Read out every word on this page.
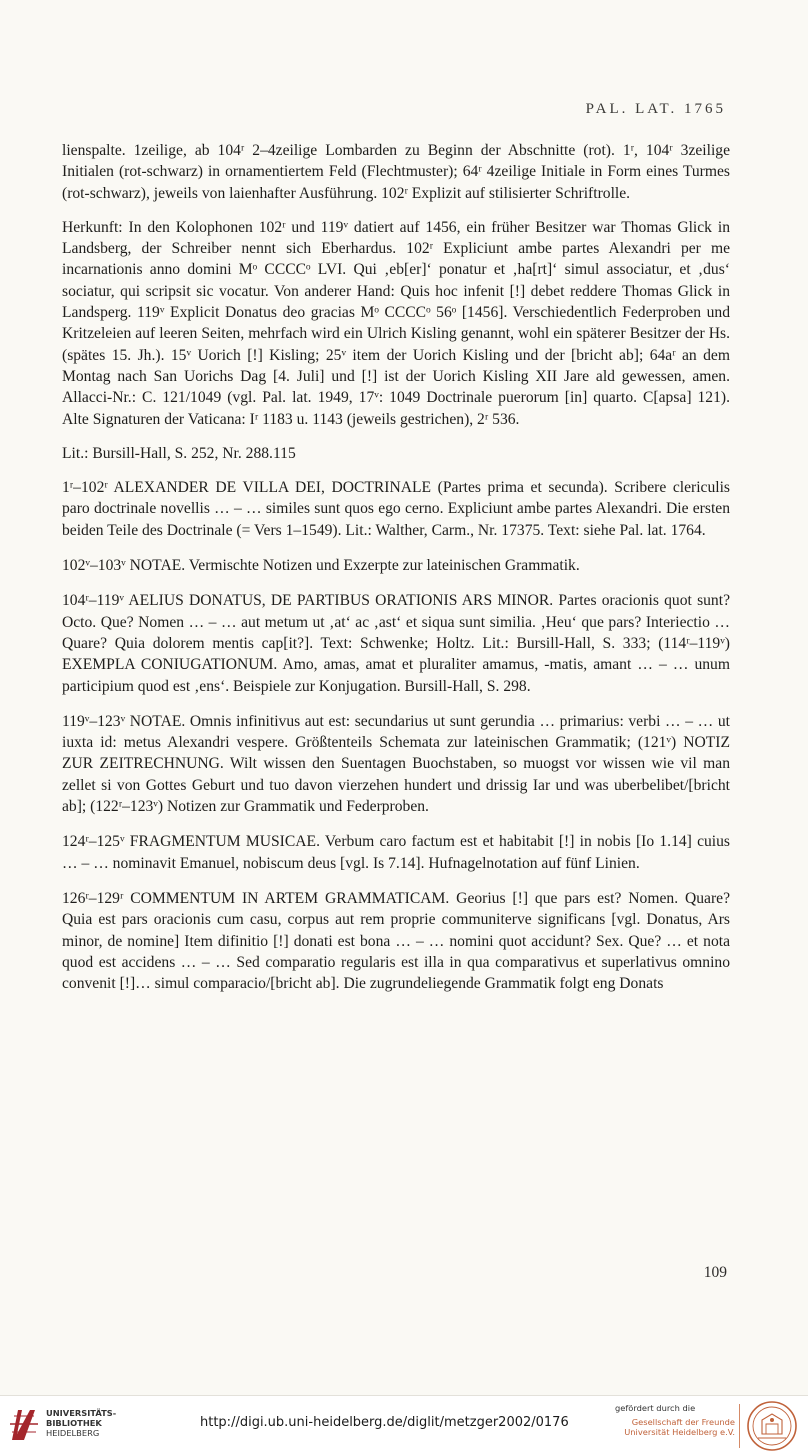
PAL. LAT. 1765

lienspalte. 1zeilige, ab 104ʳ 2–4zeilige Lombarden zu Beginn der Abschnitte (rot). 1ʳ, 104ʳ 3zeilige Initialen (rot-schwarz) in ornamentiertem Feld (Flechtmuster); 64ʳ 4zeilige Initiale in Form eines Turmes (rot-schwarz), jeweils von laienhafter Ausführung. 102ʳ Explizit auf stilisierter Schriftrolle.

Herkunft: In den Kolophonen 102ʳ und 119ᵛ datiert auf 1456, ein früher Besitzer war Thomas Glick in Landsberg, der Schreiber nennt sich Eberhardus. 102ʳ Expliciunt ambe partes Alexandri per me incarnationis anno domini Mᵒ CCCCᵒ LVI. Qui ‚eb[er]‘ ponatur et ‚ha[rt]‘ simul associatur, et ‚dus‘ sociatur, qui scripsit sic vocatur. Von anderer Hand: Quis hoc infenit [!] debet reddere Thomas Glick in Landsperg. 119ᵛ Explicit Donatus deo gracias Mᵒ CCCCᵒ 56ᵒ [1456]. Verschiedentlich Federproben und Kritzeleien auf leeren Seiten, mehrfach wird ein Ulrich Kisling genannt, wohl ein späterer Besitzer der Hs. (spätes 15. Jh.). 15ᵛ Uorich [!] Kisling; 25ᵛ item der Uorich Kisling und der [bricht ab]; 64aʳ an dem Montag nach San Uorichs Dag [4. Juli] und [!] ist der Uorich Kisling XII Jare ald gewessen, amen. Allacci-Nr.: C. 121/1049 (vgl. Pal. lat. 1949, 17ᵛ: 1049 Doctrinale puerorum [in] quarto. C[apsa] 121). Alte Signaturen der Vaticana: Iʳ 1183 u. 1143 (jeweils gestrichen), 2ʳ 536.

Lit.: Bursill-Hall, S. 252, Nr. 288.115

1ʳ–102ʳ ALEXANDER DE VILLA DEI, DOCTRINALE (Partes prima et secunda). Scribere clericulis paro doctrinale novellis … – … similes sunt quos ego cerno. Expliciunt ambe partes Alexandri. Die ersten beiden Teile des Doctrinale (= Vers 1–1549). Lit.: Walther, Carm., Nr. 17375. Text: siehe Pal. lat. 1764.

102ᵛ–103ᵛ NOTAE. Vermischte Notizen und Exzerpte zur lateinischen Grammatik.

104ʳ–119ᵛ AELIUS DONATUS, DE PARTIBUS ORATIONIS ARS MINOR. Partes oracionis quot sunt? Octo. Que? Nomen … – … aut metum ut ‚at‘ ac ‚ast‘ et siqua sunt similia. ‚Heu‘ que pars? Interiectio … Quare? Quia dolorem mentis cap[it?]. Text: Schwenke; Holtz. Lit.: Bursill-Hall, S. 333; (114ʳ–119ᵛ) EXEMPLA CONIUGATIONUM. Amo, amas, amat et pluraliter amamus, -matis, amant … – … unum participium quod est ‚ens‘. Beispiele zur Konjugation. Bursill-Hall, S. 298.

119ᵛ–123ᵛ NOTAE. Omnis infinitivus aut est: secundarius ut sunt gerundia … primarius: verbi … – … ut iuxta id: metus Alexandri vespere. Größtenteils Schemata zur lateinischen Grammatik; (121ᵛ) NOTIZ ZUR ZEITRECHNUNG. Wilt wissen den Suentagen Buochstaben, so muogst vor wissen wie vil man zellet si von Gottes Geburt und tuo davon vierzehen hundert und drissig Iar und was uberbelibet/[bricht ab]; (122ʳ–123ᵛ) Notizen zur Grammatik und Federproben.

124ʳ–125ᵛ FRAGMENTUM MUSICAE. Verbum caro factum est et habitabit [!] in nobis [Io 1.14] cuius … – … nominavit Emanuel, nobiscum deus [vgl. Is 7.14]. Hufnagelnotation auf fünf Linien.

126ʳ–129ʳ COMMENTUM IN ARTEM GRAMMATICAM. Georius [!] que pars est? Nomen. Quare? Quia est pars oracionis cum casu, corpus aut rem proprie communiterve significans [vgl. Donatus, Ars minor, de nomine] Item difinitio [!] donati est bona … – … nomini quot accidunt? Sex. Que? … et nota quod est accidens … – … Sed comparatio regularis est illa in qua comparativus et superlativus omnino convenit [!]… simul comparacio/[bricht ab]. Die zugrundeliegende Grammatik folgt eng Donats

109
UNIVERSITÄTS-
BIBLIOTHEK
HEIDELBERG
http://digi.ub.uni-heidelberg.de/diglit/metzger2002/0176
gefördert durch die
Gesellschaft der Freunde
Universität Heidelberg e.V.
